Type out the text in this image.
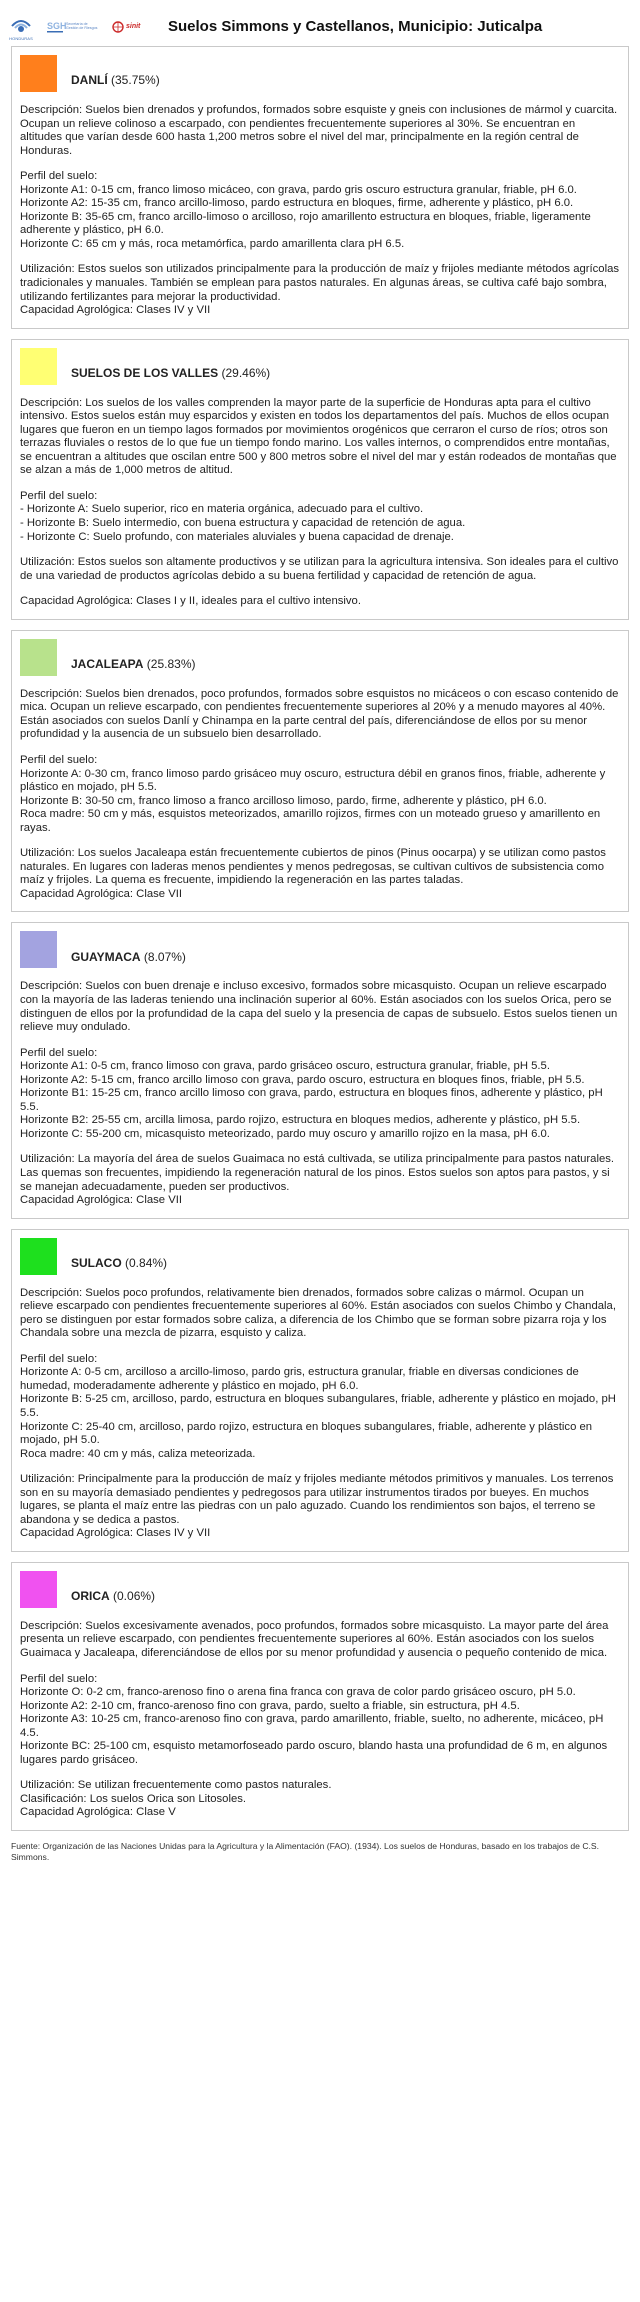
HONDURAS
SGH Secretaría de Gestión de Riesgos	sinit Suelos Simmons y Castellanos, Municipio: Juticalpa
DANLÍ (35.75%)
Descripción: Suelos bien drenados y profundos, formados sobre esquiste y gneis con inclusiones de mármol y cuarcita. Ocupan un relieve colinoso a escarpado, con pendientes frecuentemente superiores al 30%. Se encuentran en altitudes que varían desde 600 hasta 1,200 metros sobre el nivel del mar, principalmente en la región central de Honduras.
Perfil del suelo:
Horizonte A1: 0-15 cm, franco limoso micáceo, con grava, pardo gris oscuro estructura granular, friable, pH 6.0.
Horizonte A2: 15-35 cm, franco arcillo-limoso, pardo estructura en bloques, firme, adherente y plástico, pH 6.0.
Horizonte B: 35-65 cm, franco arcillo-limoso o arcilloso, rojo amarillento estructura en bloques, friable, ligeramente adherente y plástico, pH 6.0.
Horizonte C: 65 cm y más, roca metamórfica, pardo amarillenta clara pH 6.5.
Utilización: Estos suelos son utilizados principalmente para la producción de maíz y frijoles mediante métodos agrícolas tradicionales y manuales. También se emplean para pastos naturales. En algunas áreas, se cultiva café bajo sombra, utilizando fertilizantes para mejorar la productividad.
Capacidad Agrológica: Clases IV y VII
SUELOS DE LOS VALLES (29.46%)
Descripción: Los suelos de los valles comprenden la mayor parte de la superficie de Honduras apta para el cultivo intensivo. Estos suelos están muy esparcidos y existen en todos los departamentos del país. Muchos de ellos ocupan lugares que fueron en un tiempo lagos formados por movimientos orogénicos que cerraron el curso de ríos; otros son terrazas fluviales o restos de lo que fue un tiempo fondo marino. Los valles internos, o comprendidos entre montañas, se encuentran a altitudes que oscilan entre 500 y 800 metros sobre el nivel del mar y están rodeados de montañas que se alzan a más de 1,000 metros de altitud.
Perfil del suelo:
- Horizonte A: Suelo superior, rico en materia orgánica, adecuado para el cultivo.
- Horizonte B: Suelo intermedio, con buena estructura y capacidad de retención de agua.
- Horizonte C: Suelo profundo, con materiales aluviales y buena capacidad de drenaje.
Utilización: Estos suelos son altamente productivos y se utilizan para la agricultura intensiva. Son ideales para el cultivo de una variedad de productos agrícolas debido a su buena fertilidad y capacidad de retención de agua.
Capacidad Agrológica: Clases I y II, ideales para el cultivo intensivo.
JACALEAPA (25.83%)
Descripción: Suelos bien drenados, poco profundos, formados sobre esquistos no micáceos o con escaso contenido de mica. Ocupan un relieve escarpado, con pendientes frecuentemente superiores al 20% y a menudo mayores al 40%. Están asociados con suelos Danlí y Chinampa en la parte central del país, diferenciándose de ellos por su menor profundidad y la ausencia de un subsuelo bien desarrollado.
Perfil del suelo:
Horizonte A: 0-30 cm, franco limoso pardo grisáceo muy oscuro, estructura débil en granos finos, friable, adherente y plástico en mojado, pH 5.5.
Horizonte B: 30-50 cm, franco limoso a franco arcilloso limoso, pardo, firme, adherente y plástico, pH 6.0.
Roca madre: 50 cm y más, esquistos meteorizados, amarillo rojizos, firmes con un moteado grueso y amarillento en rayas.
Utilización: Los suelos Jacaleapa están frecuentemente cubiertos de pinos (Pinus oocarpa) y se utilizan como pastos naturales. En lugares con laderas menos pendientes y menos pedregosas, se cultivan cultivos de subsistencia como maíz y frijoles. La quema es frecuente, impidiendo la regeneración en las partes taladas.
Capacidad Agrológica: Clase VII
GUAYMACA (8.07%)
Descripción: Suelos con buen drenaje e incluso excesivo, formados sobre micasquisto. Ocupan un relieve escarpado con la mayoría de las laderas teniendo una inclinación superior al 60%. Están asociados con los suelos Orica, pero se distinguen de ellos por la profundidad de la capa del suelo y la presencia de capas de subsuelo. Estos suelos tienen un relieve muy ondulado.
Perfil del suelo:
Horizonte A1: 0-5 cm, franco limoso con grava, pardo grisáceo oscuro, estructura granular, friable, pH 5.5.
Horizonte A2: 5-15 cm, franco arcillo limoso con grava, pardo oscuro, estructura en bloques finos, friable, pH 5.5.
Horizonte B1: 15-25 cm, franco arcillo limoso con grava, pardo, estructura en bloques finos, adherente y plástico, pH 5.5.
Horizonte B2: 25-55 cm, arcilla limosa, pardo rojizo, estructura en bloques medios, adherente y plástico, pH 5.5.
Horizonte C: 55-200 cm, micasquisto meteorizado, pardo muy oscuro y amarillo rojizo en la masa, pH 6.0.
Utilización: La mayoría del área de suelos Guaimaca no está cultivada, se utiliza principalmente para pastos naturales. Las quemas son frecuentes, impidiendo la regeneración natural de los pinos. Estos suelos son aptos para pastos, y si se manejan adecuadamente, pueden ser productivos.
Capacidad Agrológica: Clase VII
SULACO (0.84%)
Descripción: Suelos poco profundos, relativamente bien drenados, formados sobre calizas o mármol. Ocupan un relieve escarpado con pendientes frecuentemente superiores al 60%. Están asociados con suelos Chimbo y Chandala, pero se distinguen por estar formados sobre caliza, a diferencia de los Chimbo que se forman sobre pizarra roja y los Chandala sobre una mezcla de pizarra, esquisto y caliza.
Perfil del suelo:
Horizonte A: 0-5 cm, arcilloso a arcillo-limoso, pardo gris, estructura granular, friable en diversas condiciones de humedad, moderadamente adherente y plástico en mojado, pH 6.0.
Horizonte B: 5-25 cm, arcilloso, pardo, estructura en bloques subangulares, friable, adherente y plástico en mojado, pH 5.5.
Horizonte C: 25-40 cm, arcilloso, pardo rojizo, estructura en bloques subangulares, friable, adherente y plástico en mojado, pH 5.0.
Roca madre: 40 cm y más, caliza meteorizada.
Utilización: Principalmente para la producción de maíz y frijoles mediante métodos primitivos y manuales. Los terrenos son en su mayoría demasiado pendientes y pedregosos para utilizar instrumentos tirados por bueyes. En muchos lugares, se planta el maíz entre las piedras con un palo aguzado. Cuando los rendimientos son bajos, el terreno se abandona y se dedica a pastos.
Capacidad Agrológica: Clases IV y VII
ORICA (0.06%)
Descripción: Suelos excesivamente avenados, poco profundos, formados sobre micasquisto. La mayor parte del área presenta un relieve escarpado, con pendientes frecuentemente superiores al 60%. Están asociados con los suelos Guaimaca y Jacaleapa, diferenciándose de ellos por su menor profundidad y ausencia o pequeño contenido de mica.
Perfil del suelo:
Horizonte O: 0-2 cm, franco-arenoso fino o arena fina franca con grava de color pardo grisáceo oscuro, pH 5.0.
Horizonte A2: 2-10 cm, franco-arenoso fino con grava, pardo, suelto a friable, sin estructura, pH 4.5.
Horizonte A3: 10-25 cm, franco-arenoso fino con grava, pardo amarillento, friable, suelto, no adherente, micáceo, pH 4.5.
Horizonte BC: 25-100 cm, esquisto metamorfoseado pardo oscuro, blando hasta una profundidad de 6 m, en algunos lugares pardo grisáceo.
Utilización: Se utilizan frecuentemente como pastos naturales.
Clasificación: Los suelos Orica son Litosoles.
Capacidad Agrológica: Clase V
Fuente: Organización de las Naciones Unidas para la Agricultura y la Alimentación (FAO). (1934). Los suelos de Honduras, basado en los trabajos de C.S. Simmons.
